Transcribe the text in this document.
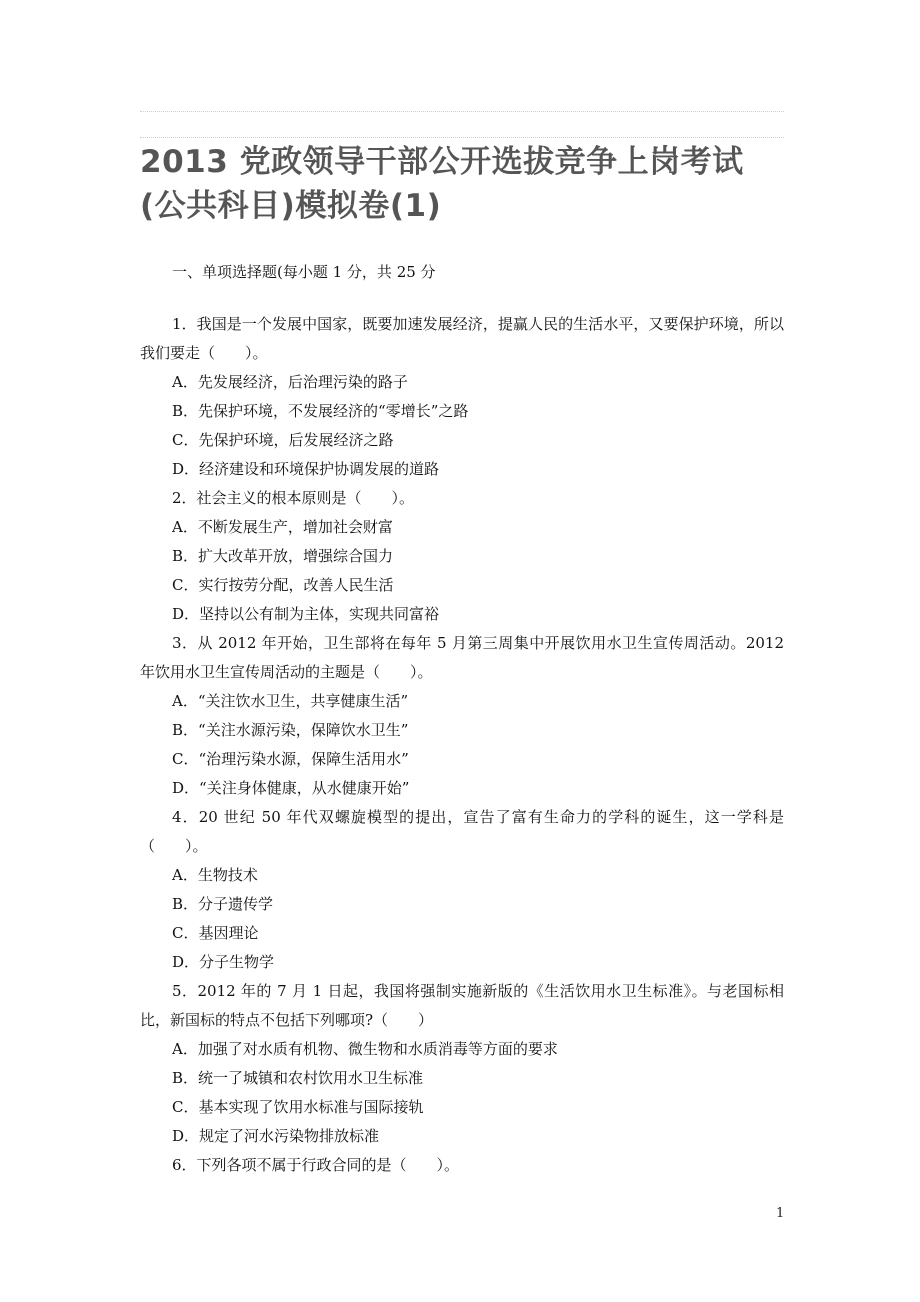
2013 党政领导干部公开选拔竞争上岗考试
(公共科目)模拟卷(1)
一、单项选择题(每小题 1 分，共 25 分
1．我国是一个发展中国家，既要加速发展经济，提赢人民的生活水平，又要保护环境，所以我们要走（　　）。
A．先发展经济，后治理污染的路子
B．先保护环境，不发展经济的“零增长”之路
C．先保护环境，后发展经济之路
D．经济建设和环境保护协调发展的道路
2．社会主义的根本原则是（　　）。
A．不断发展生产，增加社会财富
B．扩大改革开放，增强综合国力
C．实行按劳分配，改善人民生活
D．坚持以公有制为主体，实现共同富裕
3．从 2012 年开始，卫生部将在每年 5 月第三周集中开展饮用水卫生宣传周活动。2012 年饮用水卫生宣传周活动的主题是（　　）。
A．“关注饮水卫生，共享健康生活”
B．“关注水源污染，保障饮水卫生”
C．“治理污染水源，保障生活用水”
D．“关注身体健康，从水健康开始”
4．20 世纪 50 年代双螺旋模型的提出，宣告了富有生命力的学科的诞生，这一学科是（　　）。
A．生物技术
B．分子遗传学
C．基因理论
D．分子生物学
5．2012 年的 7 月 1 日起，我国将强制实施新版的《生活饮用水卫生标准》。与老国标相比，新国标的特点不包括下列哪项?（　　）
A．加强了对水质有机物、微生物和水质消毒等方面的要求
B．统一了城镇和农村饮用水卫生标准
C．基本实现了饮用水标准与国际接轨
D．规定了河水污染物排放标准
6．下列各项不属于行政合同的是（　　）。
1
